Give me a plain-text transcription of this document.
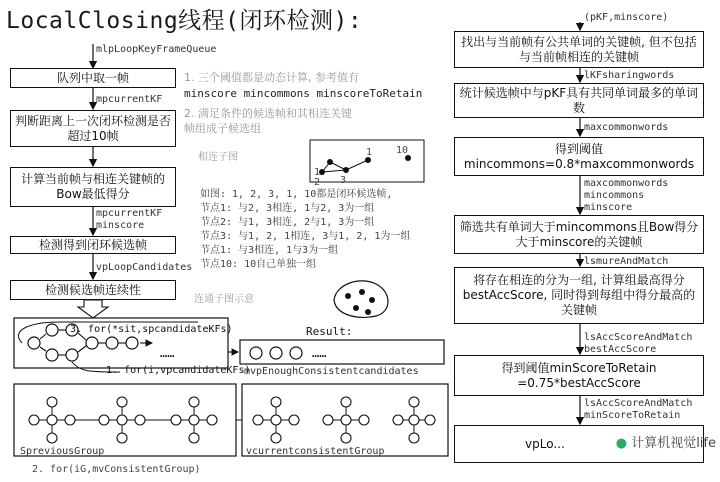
LocalClosing线程(闭环检测):
mlpLoopKeyFrameQueue
队列中取一帧
mpcurrentKF
判断距离上一次闭环检测是否超过10帧
计算当前帧与相连关键帧的Bow最低得分
mpcurrentKF
minscore
检测得到闭环候选帧
vpLoopCandidates
检测候选帧连续性
3. for(*sit,spcandidateKFs)
……
1. for(i,vpcandidateKFs)
Result:
……
mvpEnoughConsistentcandidates
SpreviousGroup	vcurrentconsistentGroup
2. for(iG,mvConsistentGroup)
1. 三个阈值都是动态计算, 参考值有
minscore mincommons minscoreToRetain
2. 满足条件的候选帧和其相连关键帧组成子候选组
相连子图
1
2 3
1 10
如图: 1, 2, 3, 1, 10都是闭环候选帧,
节点1: 与2, 3相连, 1与2, 3为一组
节点2: 与1, 3相连, 2与1, 3为一组
节点3: 与1, 2, 1相连, 3与1, 2, 1为一组
节点1: 与3相连, 1与3为一组
节点10: 10自己单独一组
连通子图示意
(pKF,minscore)
找出与当前帧有公共单词的关键帧, 但不包括与当前帧相连的关键帧
lKFsharingwords
统计候选帧中与pKF具有共同单词最多的单词数
maxcommonwords
得到阈值
mincommons=0.8*maxcommonwords
maxcommonwords
mincommons
minscore
筛选共有单词大于mincommons且Bow得分大于minscore的关键帧
lsmureAndMatch
将存在相连的分为一组, 计算组最高得分bestAccScore, 同时得到每组中得分最高的关键帧
lsAccScoreAndMatch
bestAccScore
得到阈值minScoreToRetain
=0.75*bestAccScore
lsAccScoreAndMatch
minScoreToRetain
vpLo...	● 计算机视觉life
